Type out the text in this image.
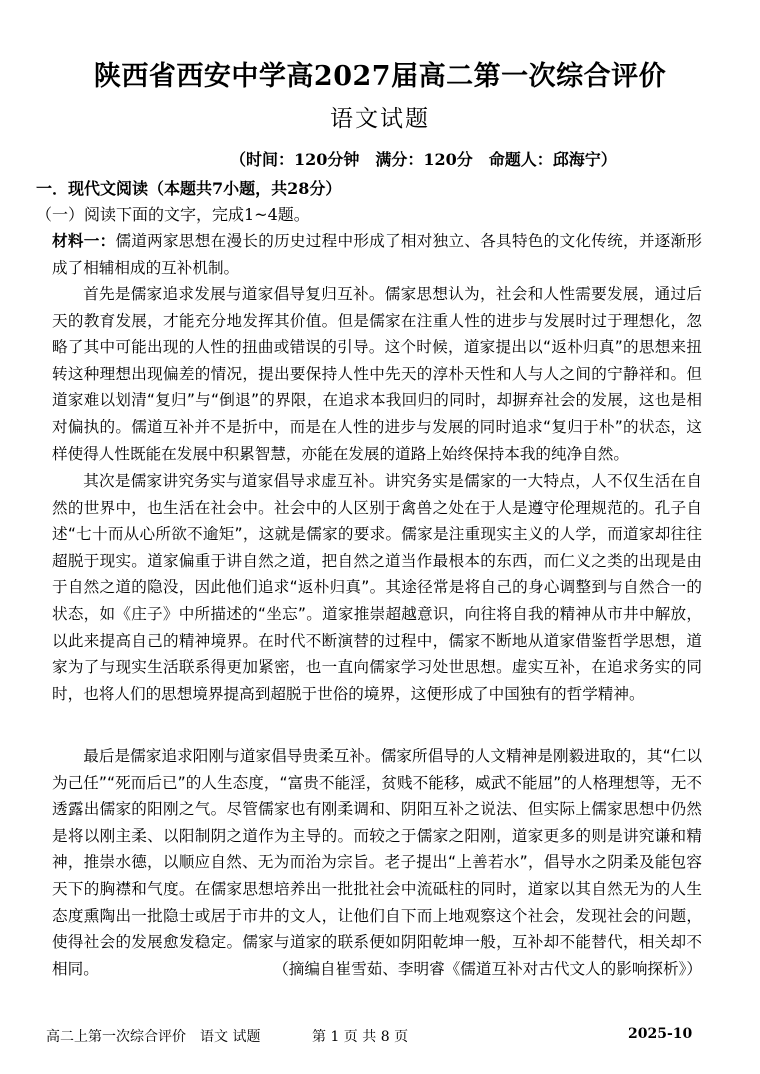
陕西省西安中学高2027届高二第一次综合评价
语文试题
（时间：120分钟　满分：120分　命题人：邱海宁）
一．现代文阅读（本题共7小题，共28分）
（一）阅读下面的文字，完成1~4题。
材料一：儒道两家思想在漫长的历史过程中形成了相对独立、各具特色的文化传统，并逐渐形成了相辅相成的互补机制。
首先是儒家追求发展与道家倡导复归互补。儒家思想认为，社会和人性需要发展，通过后天的教育发展，才能充分地发挥其价值。但是儒家在注重人性的进步与发展时过于理想化，忽略了其中可能出现的人性的扭曲或错误的引导。这个时候，道家提出以“返朴归真”的思想来扭转这种理想出现偏差的情况，提出要保持人性中先天的淳朴天性和人与人之间的宁静祥和。但道家难以划清“复归”与“倒退”的界限，在追求本我回归的同时，却摒弃社会的发展，这也是相对偏执的。儒道互补并不是折中，而是在人性的进步与发展的同时追求“复归于朴”的状态，这样使得人性既能在发展中积累智慧，亦能在发展的道路上始终保持本我的纯净自然。
其次是儒家讲究务实与道家倡导求虚互补。讲究务实是儒家的一大特点，人不仅生活在自然的世界中，也生活在社会中。社会中的人区别于禽兽之处在于人是遵守伦理规范的。孔子自述“七十而从心所欲不逾矩”，这就是儒家的要求。儒家是注重现实主义的人学，而道家却往往超脱于现实。道家偏重于讲自然之道，把自然之道当作最根本的东西，而仁义之类的出现是由于自然之道的隐没，因此他们追求“返朴归真”。其途径常是将自己的身心调整到与自然合一的状态，如《庄子》中所描述的“坐忘”。道家推崇超越意识，向往将自我的精神从市井中解放，以此来提高自己的精神境界。在时代不断演替的过程中，儒家不断地从道家借鉴哲学思想，道家为了与现实生活联系得更加紧密，也一直向儒家学习处世思想。虚实互补，在追求务实的同时，也将人们的思想境界提高到超脱于世俗的境界，这便形成了中国独有的哲学精神。
最后是儒家追求阳刚与道家倡导贵柔互补。儒家所倡导的人文精神是刚毅进取的，其“仁以为己任”“死而后已”的人生态度，“富贵不能淫，贫贱不能移，威武不能屈”的人格理想等，无不透露出儒家的阳刚之气。尽管儒家也有刚柔调和、阴阳互补之说法、但实际上儒家思想中仍然是将以刚主柔、以阳制阴之道作为主导的。而较之于儒家之阳刚，道家更多的则是讲究谦和精神，推崇水德，以顺应自然、无为而治为宗旨。老子提出“上善若水”，倡导水之阴柔及能包容天下的胸襟和气度。在儒家思想培养出一批批社会中流砥柱的同时，道家以其自然无为的人生态度熏陶出一批隐士或居于市井的文人，让他们自下而上地观察这个社会，发现社会的问题，使得社会的发展愈发稳定。儒家与道家的联系便如阴阳乾坤一般，互补却不能替代，相关却不相同。	（摘编自崔雪茹、李明睿《儒道互补对古代文人的影响探析》）
高二上第一次综合评价　语文 试题	第 1 页 共 8 页	2025-10
